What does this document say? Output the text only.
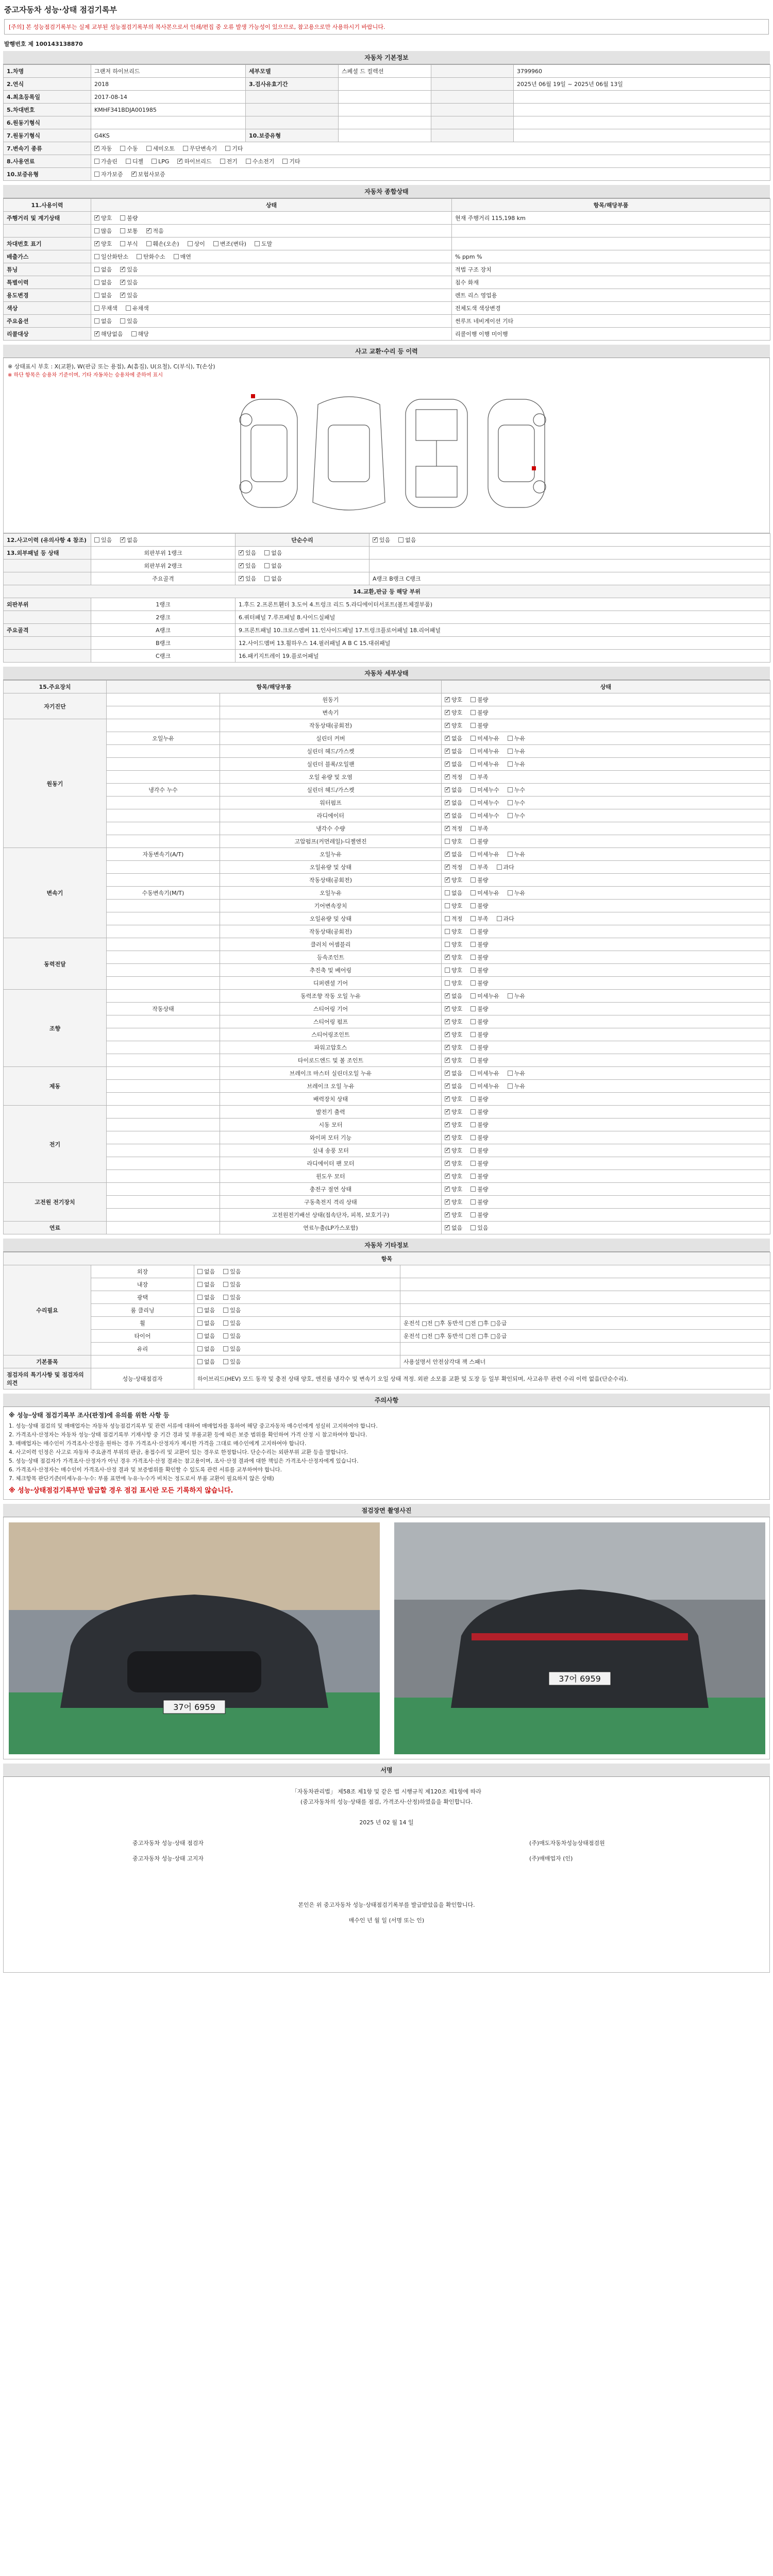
중고자동차 성능·상태 점검기록부
[주의] 본 성능점검기록부는 실제 교부된 성능점검기록부의 복사본으로서 인쇄/편집 중 오류 발생 가능성이 있으므로, 참고용으로만 사용하시기 바랍니다.
발행번호 제 100143138870
자동차 기본정보
1.차명	그랜저 하이브리드	세부모델	스페셜 드 컬렉션		3799960
2.연식	2018	3.검사유효기간			2025년 06월 19일 ~ 2025년 06월 13일
4.최초등록일	2017-08-14				
5.차대번호	KMHF341BDJA001985				
6.원동기형식					
7.원동기형식	G4KS	10.보증유형			
7.변속기 종류	✓자동 수동 세미오토 무단변속기 기타
8.사용연료	가솔린 디젤 LPG ✓ 하이브리드 전기 수소전기 기타
10.보증유형	자가보증 ✓ 보험사보증
자동차 종합상태
11.사용이력	상태	항목/해당부품
주행거리 및 계기상태	✓양호 불량	현재 주행거리 115,198 km
	많음 보통 ✓ 적음	
차대번호 표기	✓양호 부식 훼손(오손) 상이 변조(변타) 도말	
배출가스	일산화탄소 탄화수소 매연	% ppm %
튜닝	없음 ✓ 있음	적법 구조 장치
특별이력	없음 ✓ 있음	침수 화재
용도변경	없음 ✓ 있음	렌트 리스 영업용
색상	무채색 유채색	전체도색 색상변경
주요옵션	없음 있음	썬루프 네비게이션 기타
리콜대상	✓해당없음 해당	리콜이행 이행 미이행
사고 교환·수리 등 이력
※ 상태표시 부호 : X(교환), W(판금 또는 용접), A(흠집), U(요철), C(부식), T(손상)
※ 하단 항목은 승용차 기준이며, 기타 자동차는 승용차에 준하여 표시
12.사고이력 (유의사항 4 참조)	있음 ✓ 없음	단순수리	✓있음 없음
13.외부패널 등 상태	외판부위 1랭크	✓있음 없음	
	외판부위 2랭크	✓있음 없음	
	주요골격	✓있음 없음	A랭크 B랭크 C랭크
14.교환,판금 등 해당 부위			
외판부위	1랭크	1.후드 2.프론트휀더 3.도어 4.트렁크 리드 5.라디에이터서포트(볼트체결부품)	
	2랭크	6.쿼터패널 7.루프패널 8.사이드실패널	
주요골격	A랭크	9.프론트패널 10.크로스멤버 11.인사이드패널 17.트렁크플로어패널 18.리어패널	
	B랭크	12.사이드멤버 13.휠하우스 14.필러패널 A B C 15.대쉬패널	
	C랭크	16.패키지트레이 19.플로어패널	
자동차 세부상태
15.주요장치	항목/해당부품		상태
자기진단		원동기	✓양호 불량
		변속기	✓양호 불량
원동기		작동상태(공회전)	✓양호 불량
	오일누유	실린더 커버	✓없음 미세누유 누유
		실린더 헤드/가스켓	✓없음 미세누유 누유
		실린더 블록/오일팬	✓없음 미세누유 누유
		오일 유량 및 오염	✓적정 부족
	냉각수 누수	실린더 헤드/가스켓	✓없음 미세누수 누수
		워터펌프	✓없음 미세누수 누수
		라디에이터	✓없음 미세누수 누수
		냉각수 수량	✓적정 부족
		고압펌프(커먼레일)-디젤엔진	양호 불량
변속기	자동변속기(A/T)	오일누유	✓없음 미세누유 누유
		오일유량 및 상태	✓적정 부족 과다
		작동상태(공회전)	✓양호 불량
	수동변속기(M/T)	오일누유	없음 미세누유 누유
		기어변속장치	양호 불량
		오일유량 및 상태	적정 부족 과다
		작동상태(공회전)	양호 불량
동력전달		클러치 어셈블리	양호 불량
		등속조인트	✓양호 불량
		추진축 및 베어링	양호 불량
		디퍼렌셜 기어	양호 불량
조향		동력조향 작동 오일 누유	✓없음 미세누유 누유
	작동상태	스티어링 기어	✓양호 불량
		스티어링 펌프	✓양호 불량
		스티어링조인트	✓양호 불량
		파워고압호스	✓양호 불량
		타이로드엔드 및 볼 조인트	✓양호 불량
제동		브레이크 마스터 실린더오일 누유	✓없음 미세누유 누유
		브레이크 오일 누유	✓없음 미세누유 누유
		배력장치 상태	✓양호 불량
전기		발전기 출력	✓양호 불량
		시동 모터	✓양호 불량
		와이퍼 모터 기능	✓양호 불량
		실내 송풍 모터	✓양호 불량
		라디에이터 팬 모터	✓양호 불량
		윈도우 모터	✓양호 불량
고전원 전기장치		충전구 절연 상태	✓양호 불량
		구동축전지 격리 상태	✓양호 불량
		고전원전기배선 상태(접속단자, 피복, 보호기구)	✓양호 불량
연료		연료누출(LP가스포함)	✓없음 있음
자동차 기타정보
항목			
수리필요	외장	없음 있음	
	내장	없음 있음	
	광택	없음 있음	
	룸 클리닝	없음 있음	
	휠	없음 있음	운전석 □전 □후 동반석 □전 □후 □응급
	타이어	없음 있음	운전석 □전 □후 동반석 □전 □후 □응급
	유리	없음 있음	
기본품목		없음 있음	사용설명서 안전삼각대 잭 스패너
점검자의 특기사항 및 점검자의 의견	성능·상태점검자	하이브리드(HEV) 모드 동작 및 충전 상태 양호, 엔진룸 냉각수 및 변속기 오일 상태 적정. 외판 소모품 교환 및 도장 등 일부 확인되며, 사고유무 관련 수리 이력 없음(단순수리).	
주의사항
※ 성능·상태 점검기록부 조사(판정)에 유의를 위한 사항 등
1. 성능·상태 점검의 및 매매업자는 자동차 성능점검기록부 및 관련 서류에 대하여 매매업자를 통하여 해당 중고자동차 매수인에게 성실히 고지하여야 합니다.
2. 가격조사·산정자는 자동차 성능·상태 점검기록부 기재사항 중 기간 경과 및 부품교환 등에 따른 보증 범위를 확인하여 가격 산정 시 참고하여야 합니다.
3. 매매업자는 매수인이 가격조사·산정을 원하는 경우 가격조사·산정자가 제시한 가격을 그대로 매수인에게 고지하여야 합니다.
4. 사고이력 인정은 사고로 자동차 주요골격 부위의 판금, 용접수리 및 교환이 있는 경우로 한정합니다. 단순수리는 외판부위 교환 등을 말합니다.
5. 성능·상태 점검자가 가격조사·산정자가 아닌 경우 가격조사·산정 결과는 참고용이며, 조사·산정 결과에 대한 책임은 가격조사·산정자에게 있습니다.
6. 가격조사·산정자는 매수인이 가격조사·산정 결과 및 보증범위를 확인할 수 있도록 관련 서류를 교부하여야 합니다.
7. 체크항목 판단기준(미세누유·누수: 부품 표면에 누유·누수가 비치는 정도로서 부품 교환이 필요하지 않은 상태)
※ 성능·상태점검기록부만 발급할 경우 점검 표시란 모든 기록하지 않습니다.
점검장면 촬영사진
37어 6959
37어 6959
서명
「자동차관리법」 제58조 제1항 및 같은 법 시행규칙 제120조 제1항에 따라
(중고자동차의 성능·상태를 점검, 가격조사·산정)하였음을 확인합니다.
2025 년 02 월 14 일
중고자동차 성능·상태 점검자	(주)매도자동차성능상태점검원
중고자동차 성능·상태 고지자	(주)매매업자 (인)
본인은 위 중고자동차 성능·상태점검기록부를 발급받았음을 확인합니다.
매수인 년 월 일 (서명 또는 인)
